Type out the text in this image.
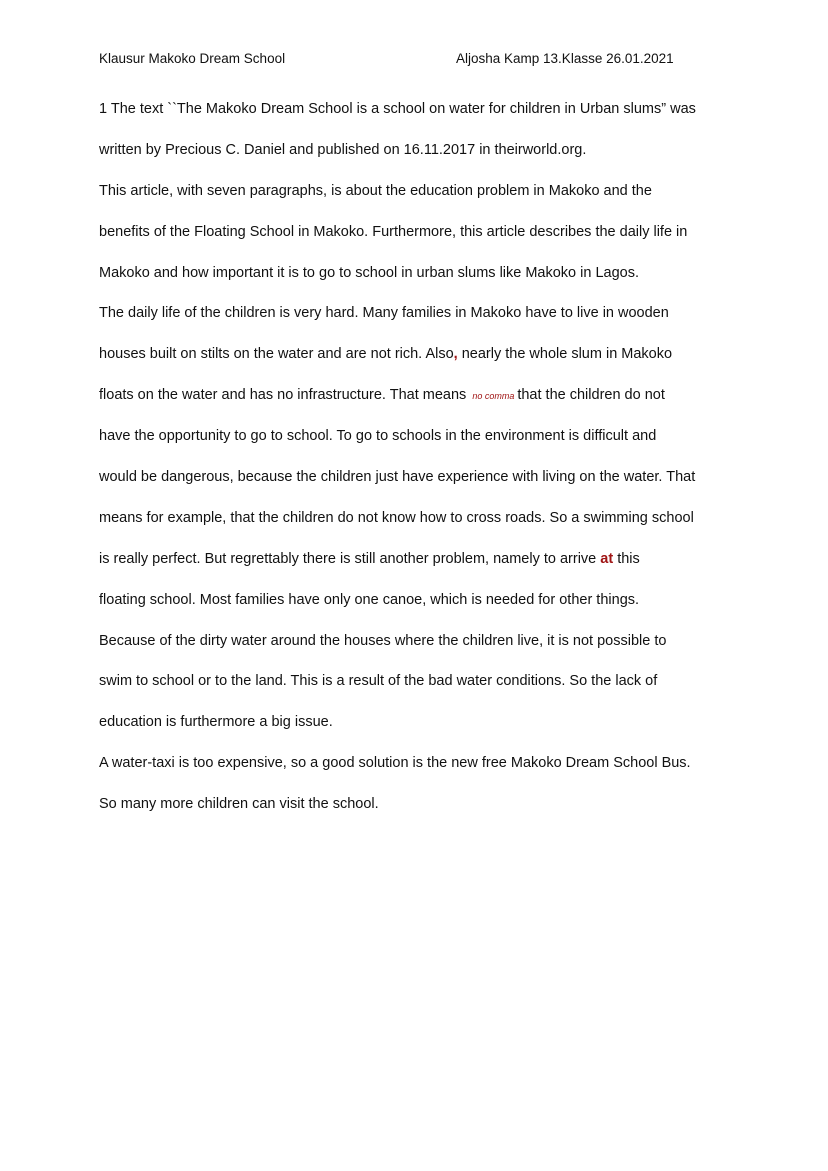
Klausur Makoko Dream School	Aljosha Kamp 13.Klasse 26.01.2021
1 The text ``The Makoko Dream School is a school on water for children in Urban slums” was
written by Precious C. Daniel and published on 16.11.2017 in theirworld.org.
This article, with seven paragraphs, is about the education problem in Makoko and the
benefits of the Floating School in Makoko. Furthermore, this article describes the daily life in
Makoko and how important it is to go to school in urban slums like Makoko in Lagos.
The daily life of the children is very hard. Many families in Makoko have to live in wooden
houses built on stilts on the water and are not rich. Also, nearly the whole slum in Makoko
floats on the water and has no infrastructure. That means no comma that the children do not
have the opportunity to go to school. To go to schools in the environment is difficult and
would be dangerous, because the children just have experience with living on the water. That
means for example, that the children do not know how to cross roads. So a swimming school
is really perfect. But regrettably there is still another problem, namely to arrive at this
floating school. Most families have only one canoe, which is needed for other things.
Because of the dirty water around the houses where the children live, it is not possible to
swim to school or to the land. This is a result of the bad water conditions. So the lack of
education is furthermore a big issue.
A water-taxi is too expensive, so a good solution is the new free Makoko Dream School Bus.
So many more children can visit the school.
